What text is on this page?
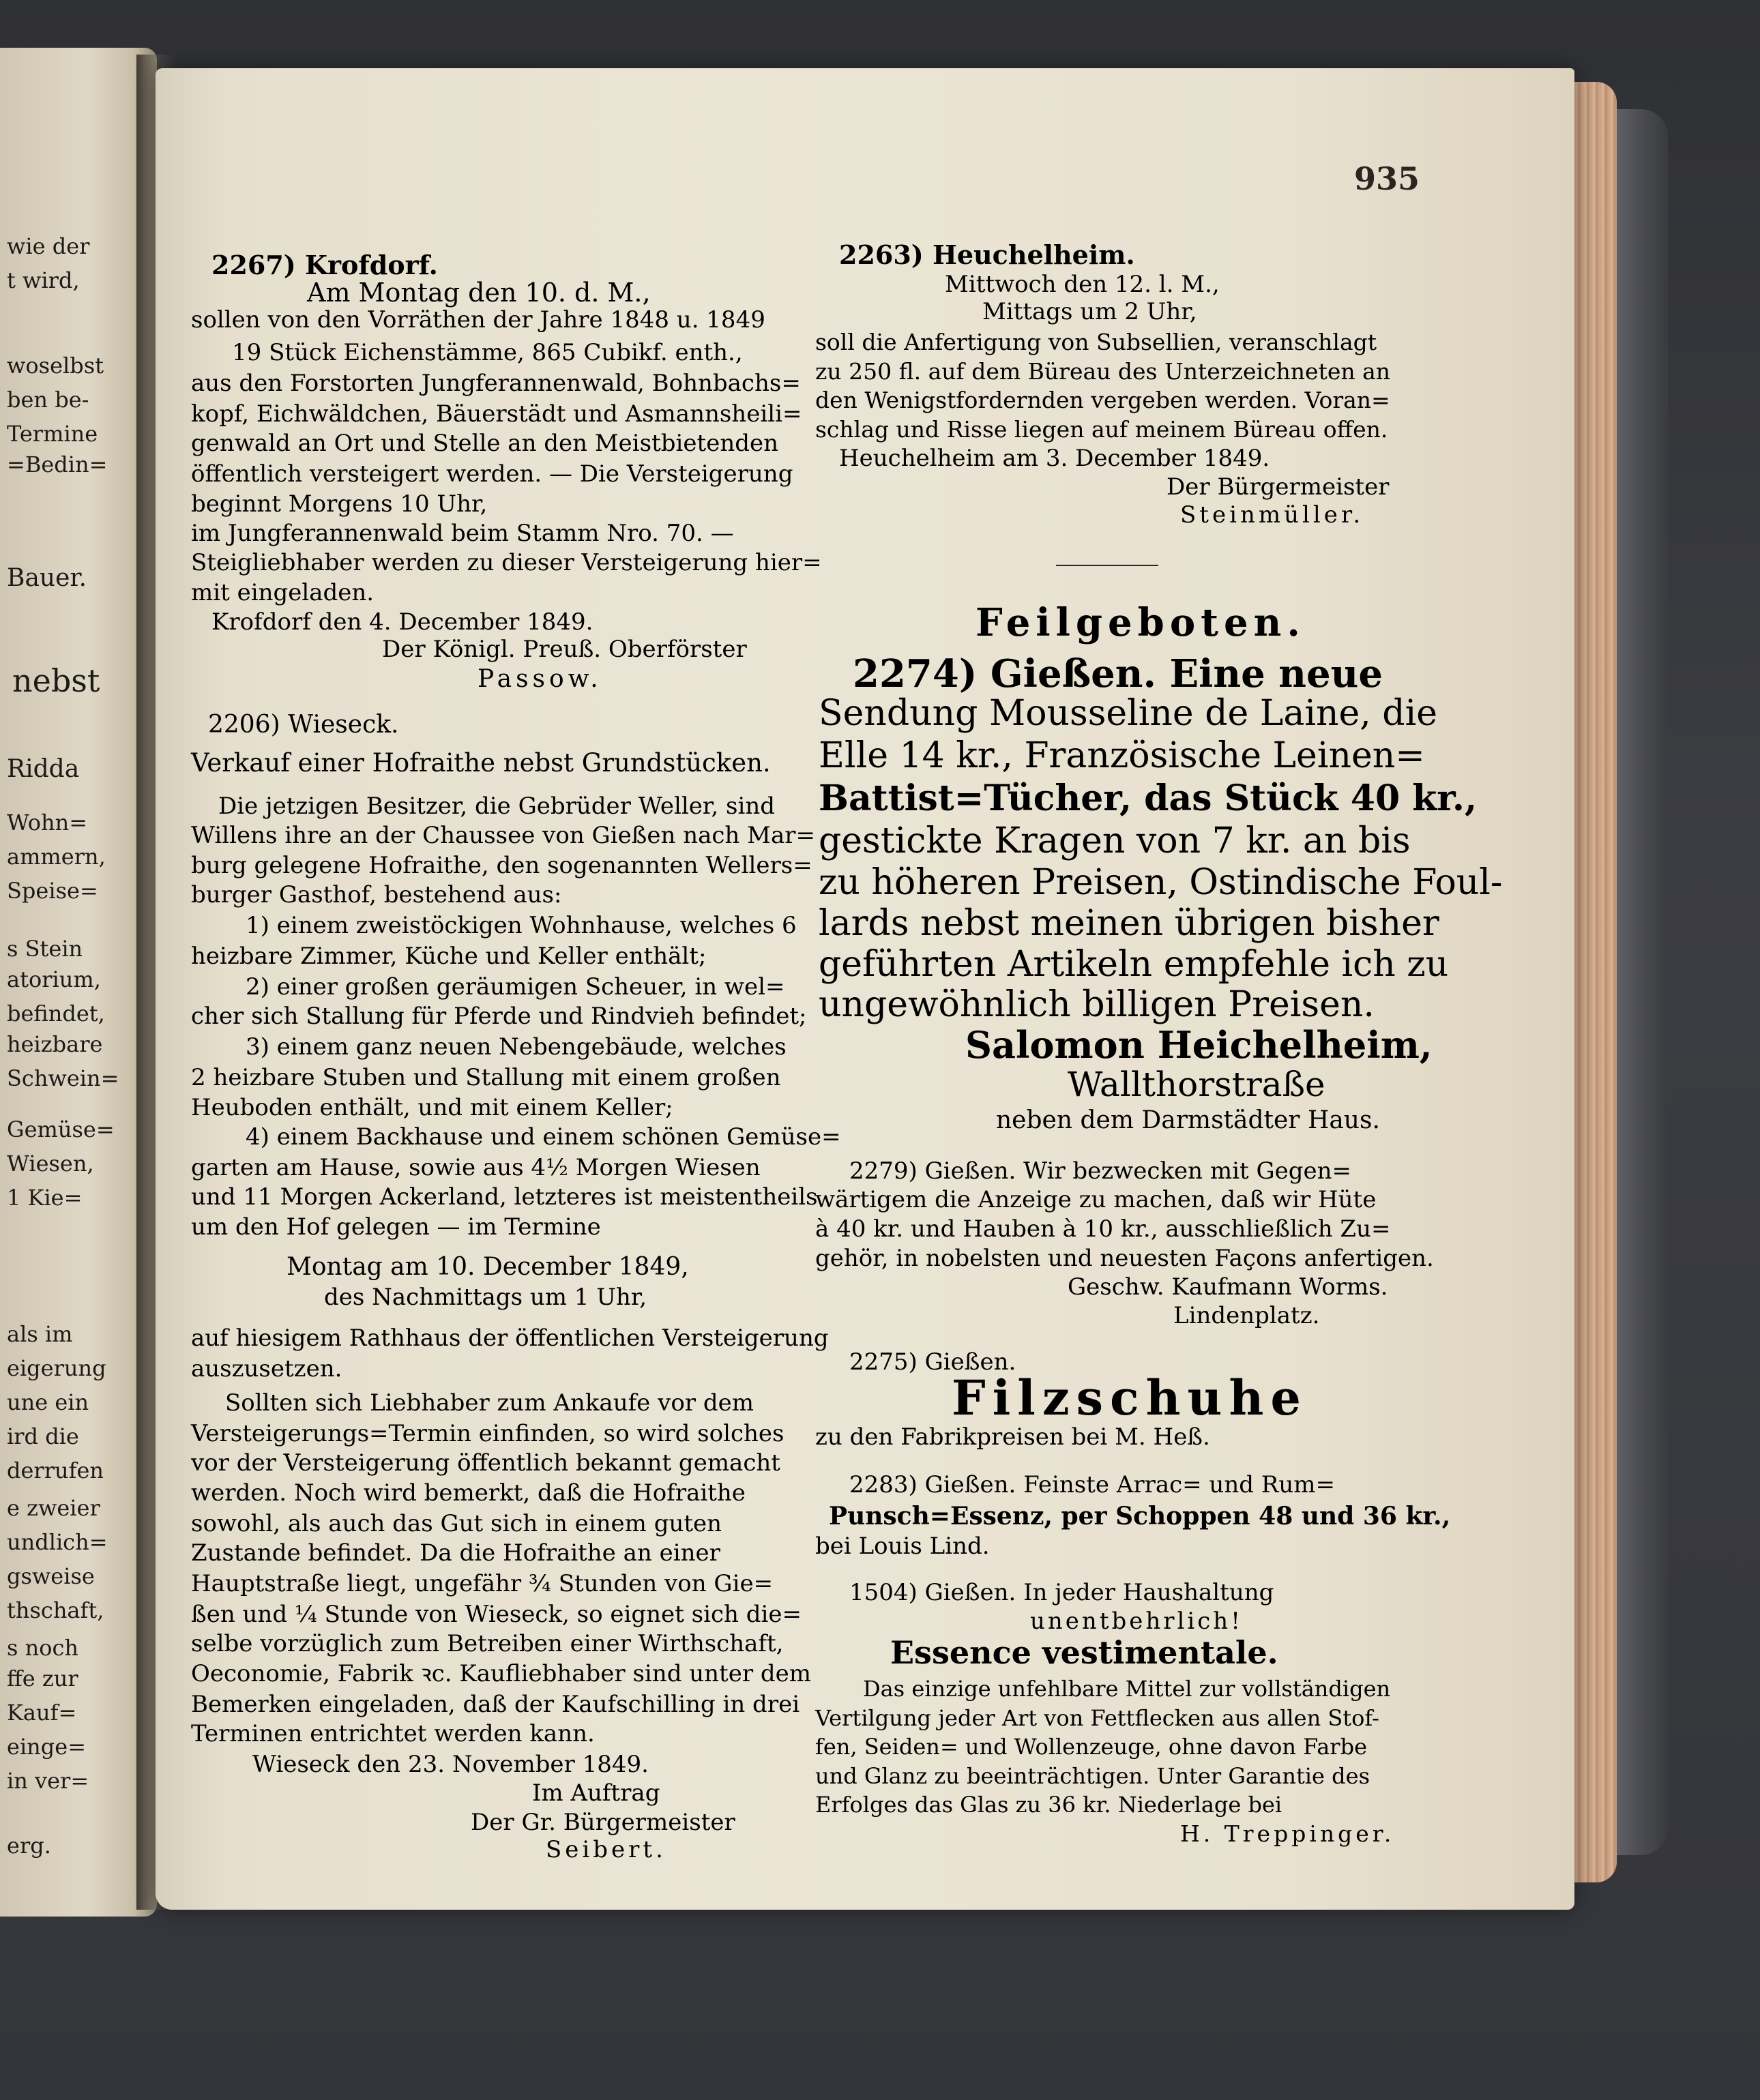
935
wie der
t wird,
woselbst
ben be-
Termine
=Bedin=
Bauer.
nebst
Ridda
Wohn=
ammern,
Speise=
s Stein
atorium,
befindet,
heizbare
Schwein=
Gemüse=
Wiesen,
1 Kie=
als im
eigerung
une ein
ird die
derrufen
e zweier
undlich=
gsweise
thschaft,
s noch
ffe zur
Kauf=
einge=
in ver=
erg.
2267) Krofdorf.
Am Montag den 10. d. M.,
sollen von den Vorräthen der Jahre 1848 u. 1849
19 Stück Eichenstämme, 865 Cubikf. enth.,
aus den Forstorten Jungferannenwald, Bohnbachs=
kopf, Eichwäldchen, Bäuerstädt und Asmannsheili=
genwald an Ort und Stelle an den Meistbietenden
öffentlich versteigert werden. — Die Versteigerung
beginnt Morgens 10 Uhr,
im Jungferannenwald beim Stamm Nro. 70. —
Steigliebhaber werden zu dieser Versteigerung hier=
mit eingeladen.
Krofdorf den 4. December 1849.
Der Königl. Preuß. Oberförster
Passow.
2206) Wieseck.
Verkauf einer Hofraithe nebst Grundstücken.
Die jetzigen Besitzer, die Gebrüder Weller, sind
Willens ihre an der Chaussee von Gießen nach Mar=
burg gelegene Hofraithe, den sogenannten Wellers=
burger Gasthof, bestehend aus:
1) einem zweistöckigen Wohnhause, welches 6
heizbare Zimmer, Küche und Keller enthält;
2) einer großen geräumigen Scheuer, in wel=
cher sich Stallung für Pferde und Rindvieh befindet;
3) einem ganz neuen Nebengebäude, welches
2 heizbare Stuben und Stallung mit einem großen
Heuboden enthält, und mit einem Keller;
4) einem Backhause und einem schönen Gemüse=
garten am Hause, sowie aus 4½ Morgen Wiesen
und 11 Morgen Ackerland, letzteres ist meistentheils
um den Hof gelegen — im Termine
Montag am 10. December 1849,
des Nachmittags um 1 Uhr,
auf hiesigem Rathhaus der öffentlichen Versteigerung
auszusetzen.
Sollten sich Liebhaber zum Ankaufe vor dem
Versteigerungs=Termin einfinden, so wird solches
vor der Versteigerung öffentlich bekannt gemacht
werden. Noch wird bemerkt, daß die Hofraithe
sowohl, als auch das Gut sich in einem guten
Zustande befindet. Da die Hofraithe an einer
Hauptstraße liegt, ungefähr ¾ Stunden von Gie=
ßen und ¼ Stunde von Wieseck, so eignet sich die=
selbe vorzüglich zum Betreiben einer Wirthschaft,
Oeconomie, Fabrik ꝛc. Kaufliebhaber sind unter dem
Bemerken eingeladen, daß der Kaufschilling in drei
Terminen entrichtet werden kann.
Wieseck den 23. November 1849.
Im Auftrag
Der Gr. Bürgermeister
Seibert.
2263) Heuchelheim.
Mittwoch den 12. l. M.,
Mittags um 2 Uhr,
soll die Anfertigung von Subsellien, veranschlagt
zu 250 fl. auf dem Büreau des Unterzeichneten an
den Wenigstfordernden vergeben werden. Voran=
schlag und Risse liegen auf meinem Büreau offen.
Heuchelheim am 3. December 1849.
Der Bürgermeister
Steinmüller.
Feilgeboten.
2274) Gießen. Eine neue
Sendung Mousseline de Laine, die
Elle 14 kr., Französische Leinen=
Battist=Tücher, das Stück 40 kr.,
gestickte Kragen von 7 kr. an bis
zu höheren Preisen, Ostindische Foul-
lards nebst meinen übrigen bisher
geführten Artikeln empfehle ich zu
ungewöhnlich billigen Preisen.
Salomon Heichelheim,
Wallthorstraße
neben dem Darmstädter Haus.
2279) Gießen. Wir bezwecken mit Gegen=
wärtigem die Anzeige zu machen, daß wir Hüte
à 40 kr. und Hauben à 10 kr., ausschließlich Zu=
gehör, in nobelsten und neuesten Façons anfertigen.
Geschw. Kaufmann Worms.
Lindenplatz.
2275) Gießen.
Filzschuhe
zu den Fabrikpreisen bei M. Heß.
2283) Gießen. Feinste Arrac= und Rum=
Punsch=Essenz, per Schoppen 48 und 36 kr.,
bei Louis Lind.
1504) Gießen. In jeder Haushaltung
unentbehrlich!
Essence vestimentale.
Das einzige unfehlbare Mittel zur vollständigen
Vertilgung jeder Art von Fettflecken aus allen Stof-
fen, Seiden= und Wollenzeuge, ohne davon Farbe
und Glanz zu beeinträchtigen. Unter Garantie des
Erfolges das Glas zu 36 kr. Niederlage bei
H. Treppinger.
